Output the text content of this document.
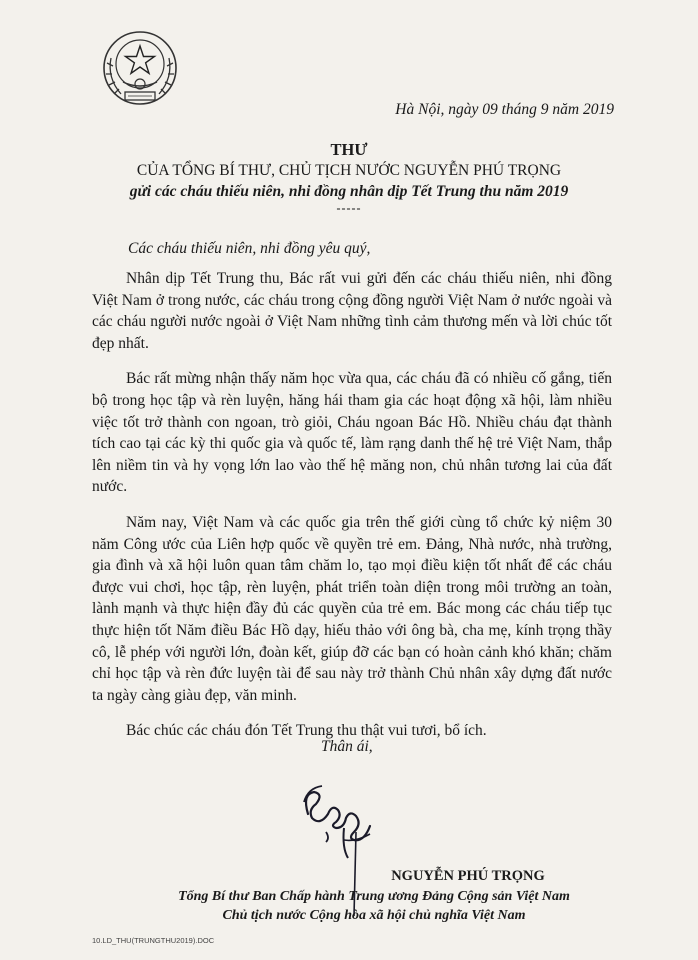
Hà Nội, ngày 09 tháng 9 năm 2019
THƯ
CỦA TỔNG BÍ THƯ, CHỦ TỊCH NƯỚC NGUYỄN PHÚ TRỌNG
gửi các cháu thiếu niên, nhi đồng nhân dịp Tết Trung thu năm 2019
-----
Các cháu thiếu niên, nhi đồng yêu quý,

Nhân dịp Tết Trung thu, Bác rất vui gửi đến các cháu thiếu niên, nhi đồng Việt Nam ở trong nước, các cháu trong cộng đồng người Việt Nam ở nước ngoài và các cháu người nước ngoài ở Việt Nam những tình cảm thương mến và lời chúc tốt đẹp nhất.

Bác rất mừng nhận thấy năm học vừa qua, các cháu đã có nhiều cố gắng, tiến bộ trong học tập và rèn luyện, hăng hái tham gia các hoạt động xã hội, làm nhiều việc tốt trở thành con ngoan, trò giỏi, Cháu ngoan Bác Hồ. Nhiều cháu đạt thành tích cao tại các kỳ thi quốc gia và quốc tế, làm rạng danh thế hệ trẻ Việt Nam, thắp lên niềm tin và hy vọng lớn lao vào thế hệ măng non, chủ nhân tương lai của đất nước.

Năm nay, Việt Nam và các quốc gia trên thế giới cùng tổ chức kỷ niệm 30 năm Công ước của Liên hợp quốc về quyền trẻ em. Đảng, Nhà nước, nhà trường, gia đình và xã hội luôn quan tâm chăm lo, tạo mọi điều kiện tốt nhất để các cháu được vui chơi, học tập, rèn luyện, phát triển toàn diện trong môi trường an toàn, lành mạnh và thực hiện đầy đủ các quyền của trẻ em. Bác mong các cháu tiếp tục thực hiện tốt Năm điều Bác Hồ dạy, hiếu thảo với ông bà, cha mẹ, kính trọng thầy cô, lễ phép với người lớn, đoàn kết, giúp đỡ các bạn có hoàn cảnh khó khăn; chăm chỉ học tập và rèn đức luyện tài để sau này trở thành Chủ nhân xây dựng đất nước ta ngày càng giàu đẹp, văn minh.

Bác chúc các cháu đón Tết Trung thu thật vui tươi, bổ ích.

Thân ái,
NGUYỄN PHÚ TRỌNG
Tổng Bí thư Ban Chấp hành Trung ương Đảng Cộng sản Việt Nam
Chủ tịch nước Cộng hòa xã hội chủ nghĩa Việt Nam
10.LD_THU(TRUNGTHU2019).DOC
